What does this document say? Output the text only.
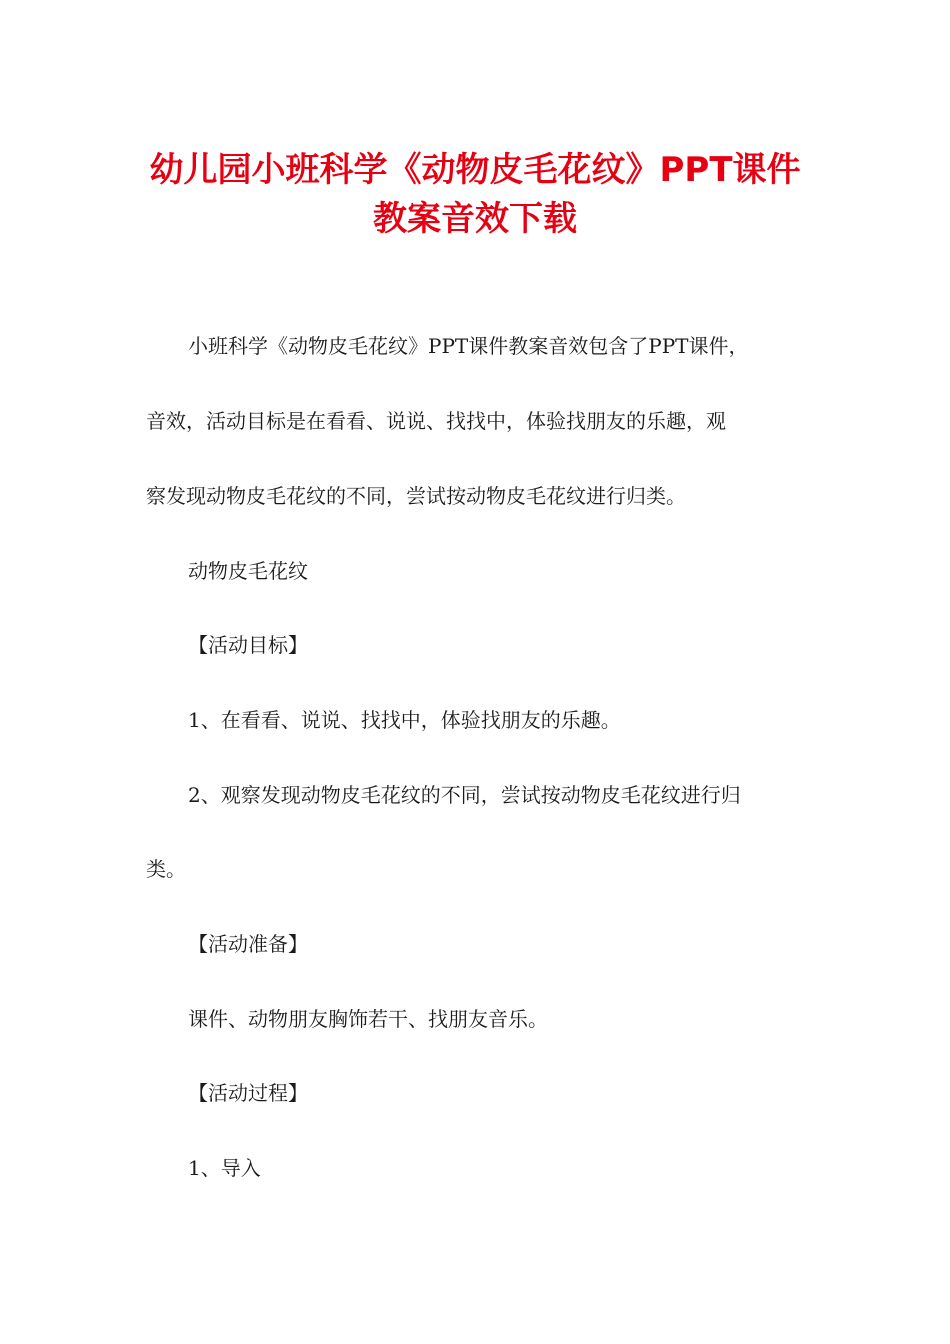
幼儿园小班科学《动物皮毛花纹》PPT课件
教案音效下载

小班科学《动物皮毛花纹》PPT课件教案音效包含了PPT课件，

音效，活动目标是在看看、说说、找找中，体验找朋友的乐趣，观

察发现动物皮毛花纹的不同，尝试按动物皮毛花纹进行归类。

动物皮毛花纹

【活动目标】

1、在看看、说说、找找中，体验找朋友的乐趣。

2、观察发现动物皮毛花纹的不同，尝试按动物皮毛花纹进行归

类。

【活动准备】

课件、动物朋友胸饰若干、找朋友音乐。

【活动过程】

1、导入
